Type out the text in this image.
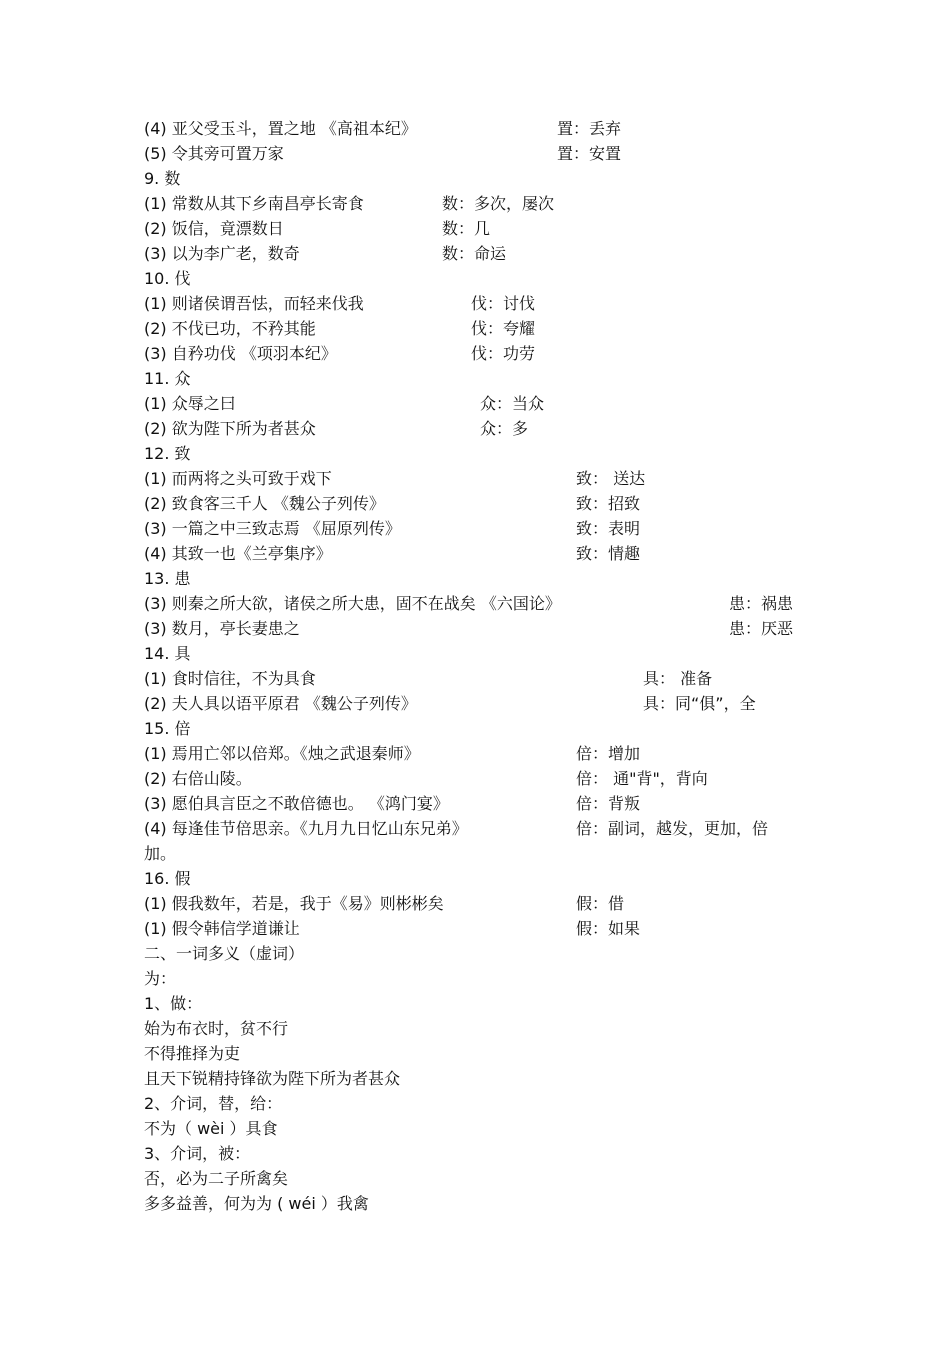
(4) 亚父受玉斗，置之地 《高祖本纪》	置：丢弃
(5) 令其旁可置万家	置：安置
9. 数
(1) 常数从其下乡南昌亭长寄食	数：多次，屡次
(2) 饭信，竟漂数日	数：几
(3) 以为李广老，数奇	数：命运
10. 伐
(1) 则诸侯谓吾怯，而轻来伐我	伐：讨伐
(2) 不伐已功，不矜其能	伐：夸耀
(3) 自矜功伐 《项羽本纪》	伐：功劳
11. 众
(1) 众辱之曰	众：当众
(2) 欲为陛下所为者甚众	众：多
12. 致
(1) 而两将之头可致于戏下	致： 送达
(2) 致食客三千人 《魏公子列传》	致：招致
(3) 一篇之中三致志焉 《屈原列传》	致：表明
(4) 其致一也《兰亭集序》	致：情趣
13. 患
(3) 则秦之所大欲，诸侯之所大患，固不在战矣 《六国论》	患：祸患
(3) 数月，亭长妻患之	患：厌恶
14. 具
(1) 食时信往，不为具食	具： 准备
(2) 夫人具以语平原君 《魏公子列传》	具：同“俱”，全
15. 倍
(1) 焉用亡邻以倍郑。《烛之武退秦师》	倍：增加
(2) 右倍山陵。	倍： 通"背"，背向
(3) 愿伯具言臣之不敢倍德也。 《鸿门宴》	倍：背叛
(4) 每逢佳节倍思亲。《九月九日忆山东兄弟》	倍：副词，越发，更加，倍
加。
16. 假
(1) 假我数年，若是，我于《易》则彬彬矣	假：借
(1) 假令韩信学道谦让	假：如果
二、一词多义（虚词）
为：
1、做：
始为布衣时，贫不行
不得推择为吏
且天下锐精持锋欲为陛下所为者甚众
2、介词，替，给：
不为（ wèi ）具食
3、介词，被：
否，必为二子所禽矣
多多益善，何为为 ( wéi ）我禽
